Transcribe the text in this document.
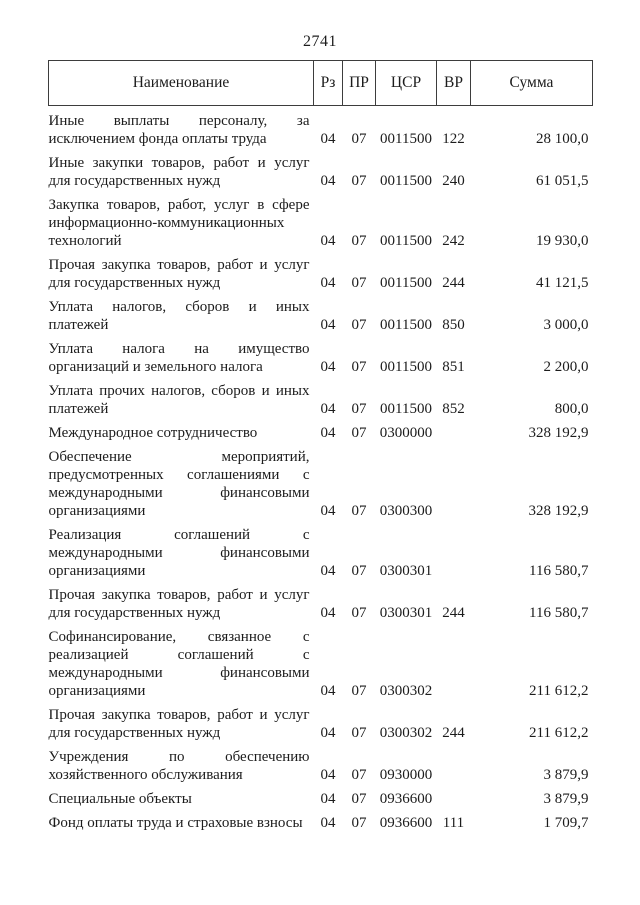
2741
Наименование	Рз	ПР	ЦСР	ВР	Сумма
Иные выплаты персоналу, за исключением фонда оплаты труда	04	07	0011500	122	28 100,0
Иные закупки товаров, работ и услуг для государственных нужд	04	07	0011500	240	61 051,5
Закупка товаров, работ, услуг в сфере информационно-коммуникационных технологий	04	07	0011500	242	19 930,0
Прочая закупка товаров, работ и услуг для государственных нужд	04	07	0011500	244	41 121,5
Уплата налогов, сборов и иных платежей	04	07	0011500	850	3 000,0
Уплата налога на имущество организаций и земельного налога	04	07	0011500	851	2 200,0
Уплата прочих налогов, сборов и иных платежей	04	07	0011500	852	800,0
Международное сотрудничество	04	07	0300000		328 192,9
Обеспечение мероприятий, предусмотренных соглашениями с международными финансовыми организациями	04	07	0300300		328 192,9
Реализация соглашений с международными финансовыми организациями	04	07	0300301		116 580,7
Прочая закупка товаров, работ и услуг для государственных нужд	04	07	0300301	244	116 580,7
Софинансирование, связанное с реализацией соглашений с международными финансовыми организациями	04	07	0300302		211 612,2
Прочая закупка товаров, работ и услуг для государственных нужд	04	07	0300302	244	211 612,2
Учреждения по обеспечению хозяйственного обслуживания	04	07	0930000		3 879,9
Специальные объекты	04	07	0936600		3 879,9
Фонд оплаты труда и страховые взносы	04	07	0936600	111	1 709,7
